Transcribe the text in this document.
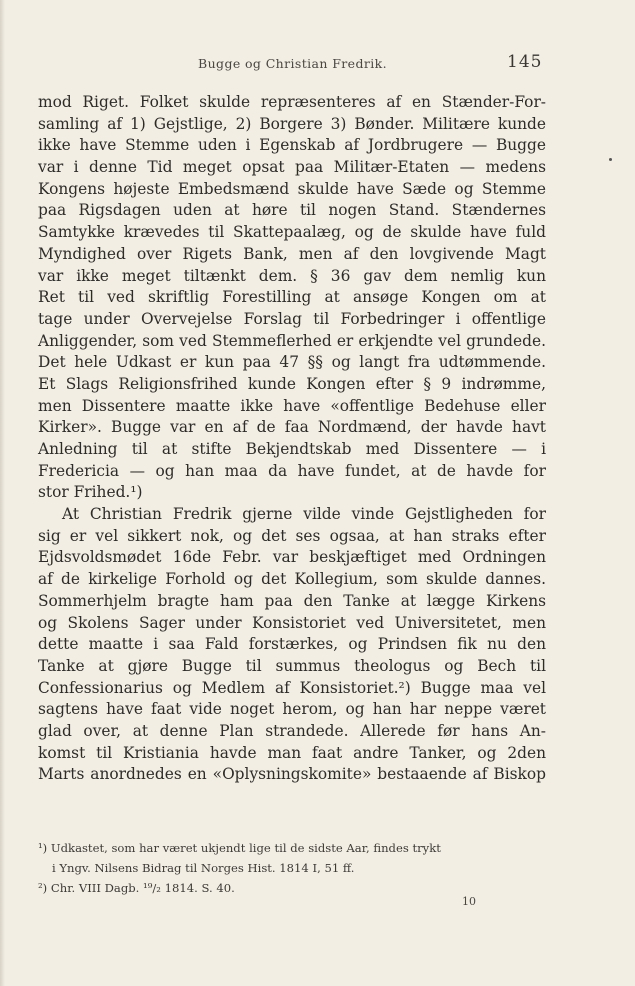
Bugge og Christian Fredrik.	145
mod Riget. Folket skulde repræsenteres af en Stænder-For-
samling af 1) Gejstlige, 2) Borgere 3) Bønder. Militære kunde
ikke have Stemme uden i Egenskab af Jordbrugere — Bugge
var i denne Tid meget opsat paa Militær-Etaten — medens
Kongens højeste Embedsmænd skulde have Sæde og Stemme
paa Rigsdagen uden at høre til nogen Stand. Stændernes
Samtykke krævedes til Skattepaalæg, og de skulde have fuld
Myndighed over Rigets Bank, men af den lovgivende Magt
var ikke meget tiltænkt dem. § 36 gav dem nemlig kun
Ret til ved skriftlig Forestilling at ansøge Kongen om at
tage under Overvejelse Forslag til Forbedringer i offentlige
Anliggender, som ved Stemmeflerhed er erkjendte vel grundede.
Det hele Udkast er kun paa 47 §§ og langt fra udtømmende.
Et Slags Religionsfrihed kunde Kongen efter § 9 indrømme,
men Dissentere maatte ikke have «offentlige Bedehuse eller
Kirker». Bugge var en af de faa Nordmænd, der havde havt
Anledning til at stifte Bekjendtskab med Dissentere — i
Fredericia — og han maa da have fundet, at de havde for
stor Frihed.¹)
At Christian Fredrik gjerne vilde vinde Gejstligheden for
sig er vel sikkert nok, og det ses ogsaa, at han straks efter
Ejdsvoldsmødet 16de Febr. var beskjæftiget med Ordningen
af de kirkelige Forhold og det Kollegium, som skulde dannes.
Sommerhjelm bragte ham paa den Tanke at lægge Kirkens
og Skolens Sager under Konsistoriet ved Universitetet, men
dette maatte i saa Fald forstærkes, og Prindsen fik nu den
Tanke at gjøre Bugge til summus theologus og Bech til
Confessionarius og Medlem af Konsistoriet.²) Bugge maa vel
sagtens have faat vide noget herom, og han har neppe været
glad over, at denne Plan strandede. Allerede før hans An-
komst til Kristiania havde man faat andre Tanker, og 2den
Marts anordnedes en «Oplysningskomite» bestaaende af Biskop
¹) Udkastet, som har været ukjendt lige til de sidste Aar, findes trykt
i Yngv. Nilsens Bidrag til Norges Hist. 1814 I, 51 ff.
²) Chr. VIII Dagb. ¹⁹/₂ 1814. S. 40.
10
